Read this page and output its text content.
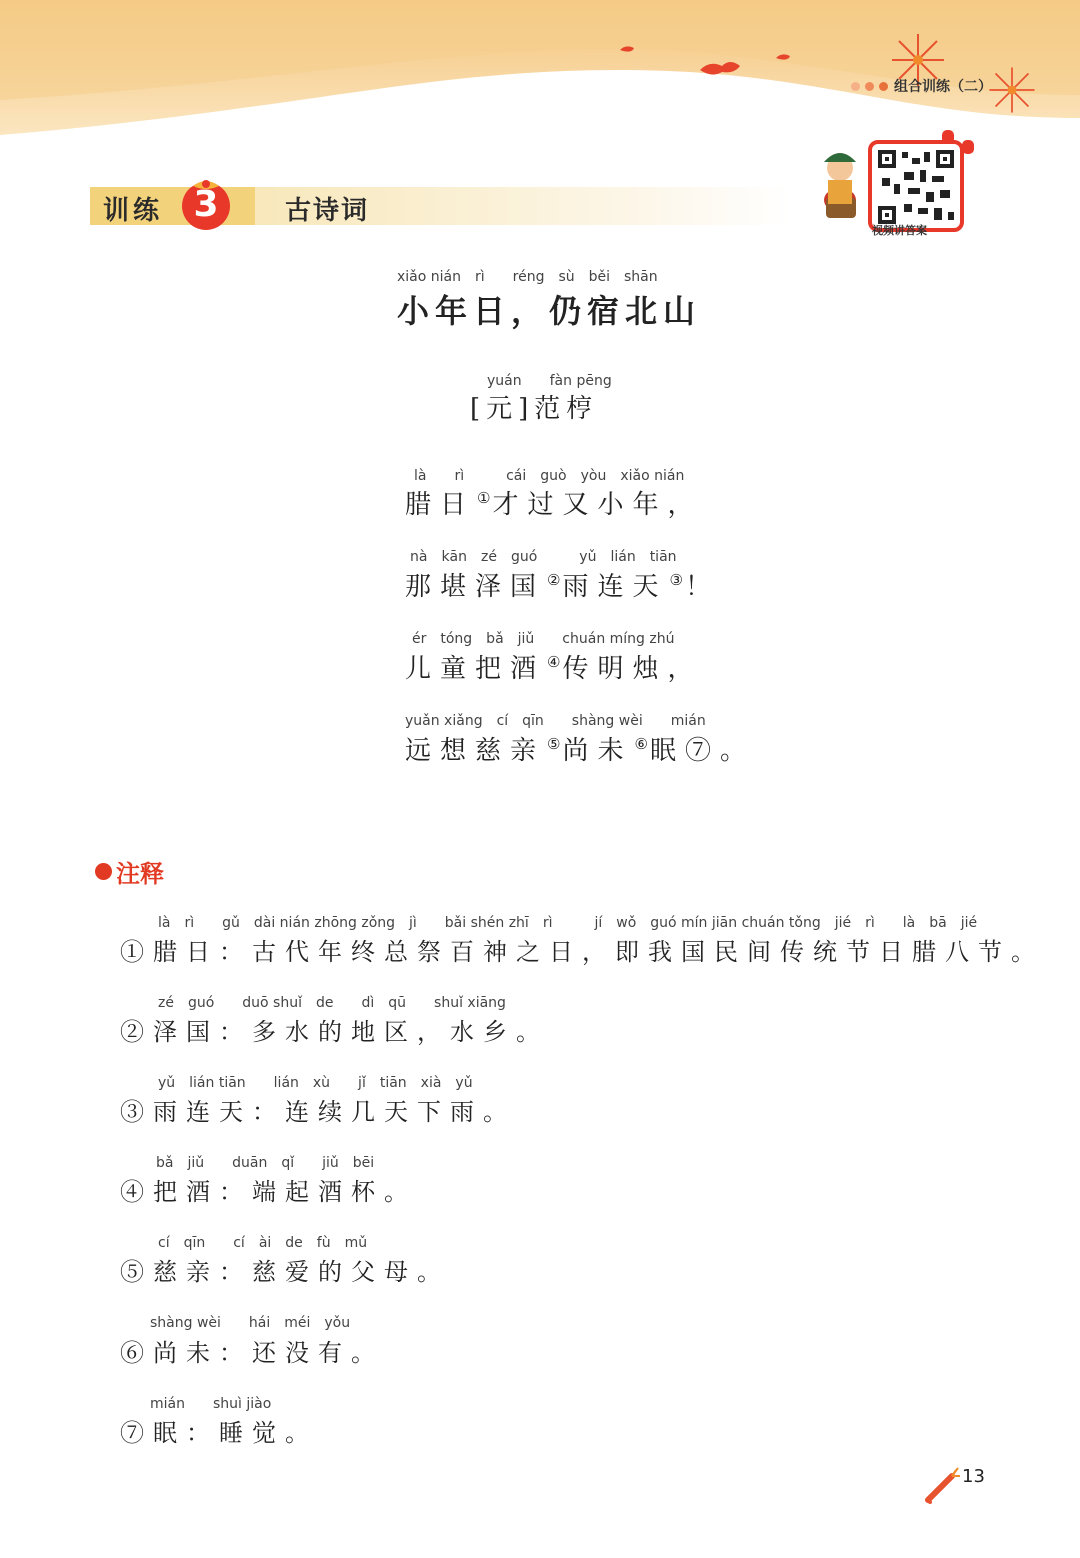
组合训练（二）
训练 3	古诗词
视频讲答案
xiǎo nián　rì　　réng　sù　běi　shān
小年日，仍宿北山
yuán　　fàn pēng
[元]范梈
là　　rì　　　cái　guò　yòu　xiǎo nián
腊日 ①才过又小年，
nà　kān　zé　guó　　　yǔ　lián　tiān
那堪泽国 ②雨连天 ③！
ér　tóng　bǎ　jiǔ　　chuán míng zhú
儿童把酒 ④传明烛，
yuǎn xiǎng　cí　qīn　　shàng wèi　　mián
远想慈亲 ⑤尚未 ⑥眠⑦。
注释
là　rì　　gǔ　dài nián zhōng zǒng　jì　　bǎi shén zhī　rì　　　jí　wǒ　guó mín jiān chuán tǒng　jié　rì　　là　bā　jié
①腊日：古代年终总祭百神之日，即我国民间传统节日腊八节。
zé　guó　　duō shuǐ　de　　dì　qū　　shuǐ xiāng
②泽国：多水的地区，水乡。
yǔ　lián tiān　　lián　xù　　jǐ　tiān　xià　yǔ
③雨连天：连续几天下雨。
bǎ　jiǔ　　duān　qǐ　　jiǔ　bēi
④把酒：端起酒杯。
cí　qīn　　cí　ài　de　fù　mǔ
⑤慈亲：慈爱的父母。
shàng wèi　　hái　méi　yǒu
⑥尚未：还没有。
mián　　shuì jiào
⑦眠：睡觉。
13
